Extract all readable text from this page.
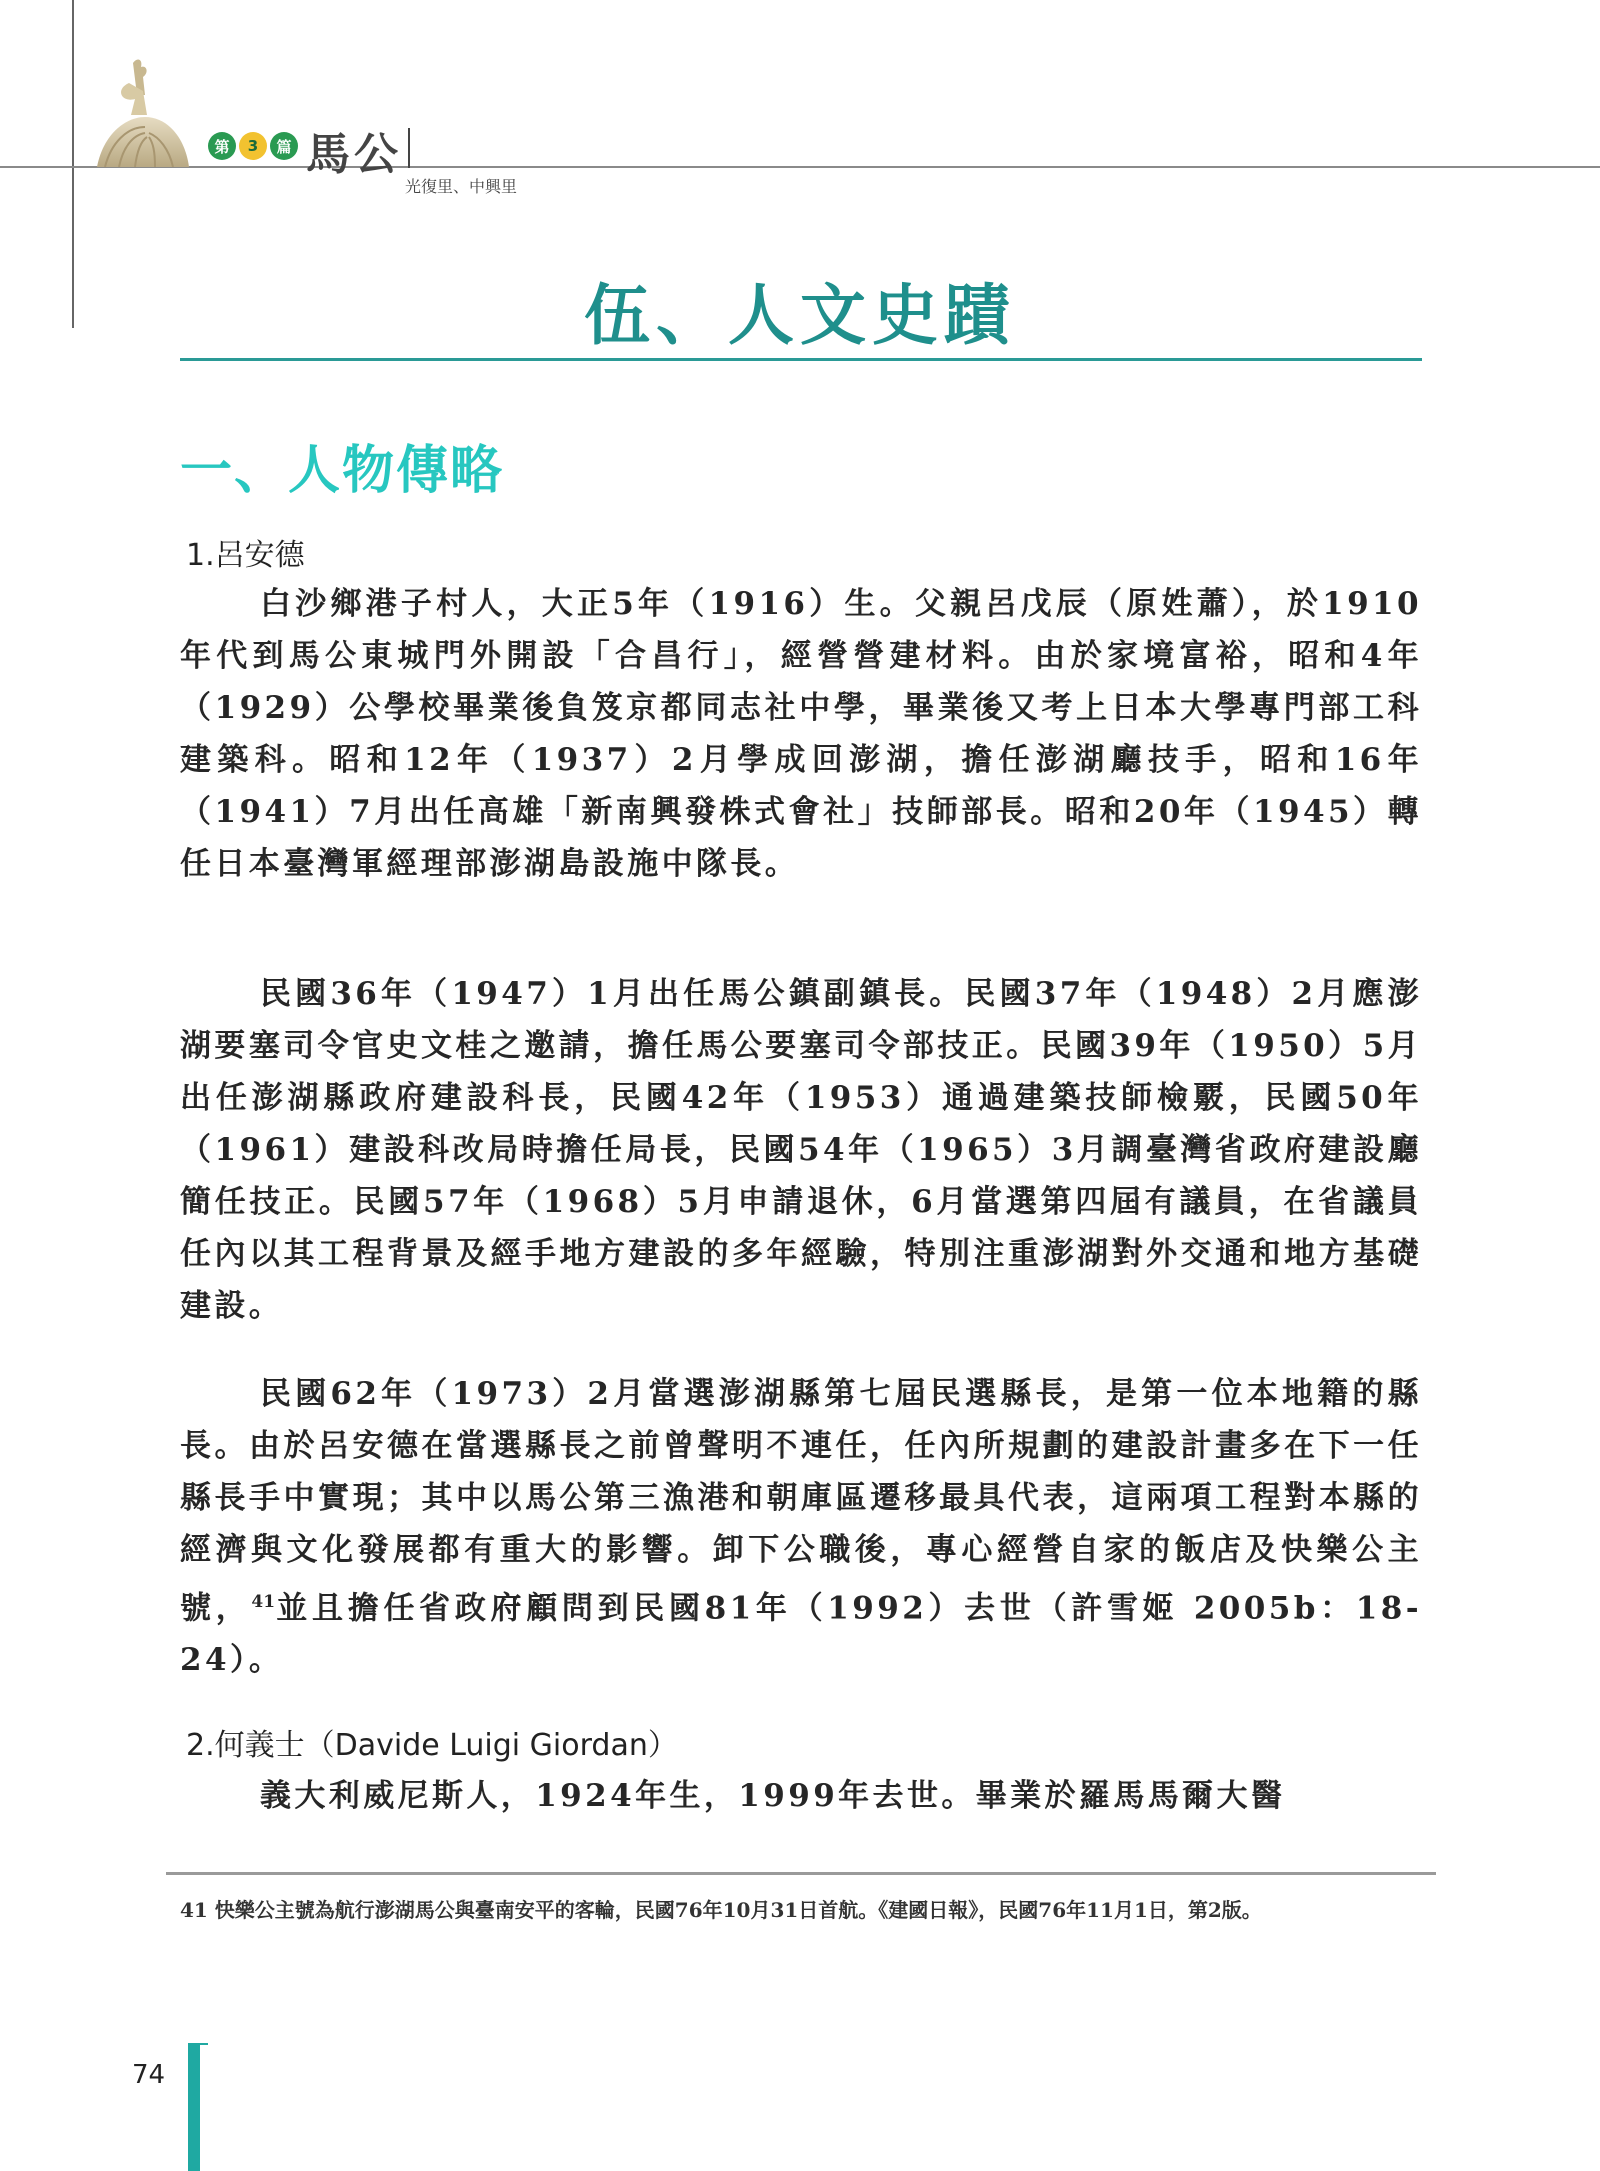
第	3	篇 馬公
光復里、中興里
伍、人文史蹟
一、人物傳略
1.呂安德

白沙鄉港子村人，大正5年（1916）生。父親呂戊辰（原姓蕭），於1910年代到馬公東城門外開設「合昌行」，經營營建材料。由於家境富裕，昭和4年（1929）公學校畢業後負笈京都同志社中學，畢業後又考上日本大學專門部工科建築科。昭和12年（1937）2月學成回澎湖，擔任澎湖廳技手，昭和16年（1941）7月出任高雄「新南興發株式會社」技師部長。昭和20年（1945）轉任日本臺灣軍經理部澎湖島設施中隊長。

民國36年（1947）1月出任馬公鎮副鎮長。民國37年（1948）2月應澎湖要塞司令官史文桂之邀請，擔任馬公要塞司令部技正。民國39年（1950）5月出任澎湖縣政府建設科長，民國42年（1953）通過建築技師檢覈，民國50年（1961）建設科改局時擔任局長，民國54年（1965）3月調臺灣省政府建設廳簡任技正。民國57年（1968）5月申請退休，6月當選第四屆有議員，在省議員任內以其工程背景及經手地方建設的多年經驗，特別注重澎湖對外交通和地方基礎建設。

民國62年（1973）2月當選澎湖縣第七屆民選縣長，是第一位本地籍的縣長。由於呂安德在當選縣長之前曾聲明不連任，任內所規劃的建設計畫多在下一任縣長手中實現；其中以馬公第三漁港和朝庫區遷移最具代表，這兩項工程對本縣的經濟與文化發展都有重大的影響。卸下公職後，專心經營自家的飯店及快樂公主號，$^{41}$並且擔任省政府顧問到民國81年（1992）去世（許雪姬 2005b：18-24）。

2.何義士（Davide Luigi Giordan）

義大利威尼斯人，1924年生，1999年去世。畢業於羅馬馬爾大醫

41 快樂公主號為航行澎湖馬公與臺南安平的客輪，民國76年10月31日首航。《建國日報》，民國76年11月1日，第2版。

74
